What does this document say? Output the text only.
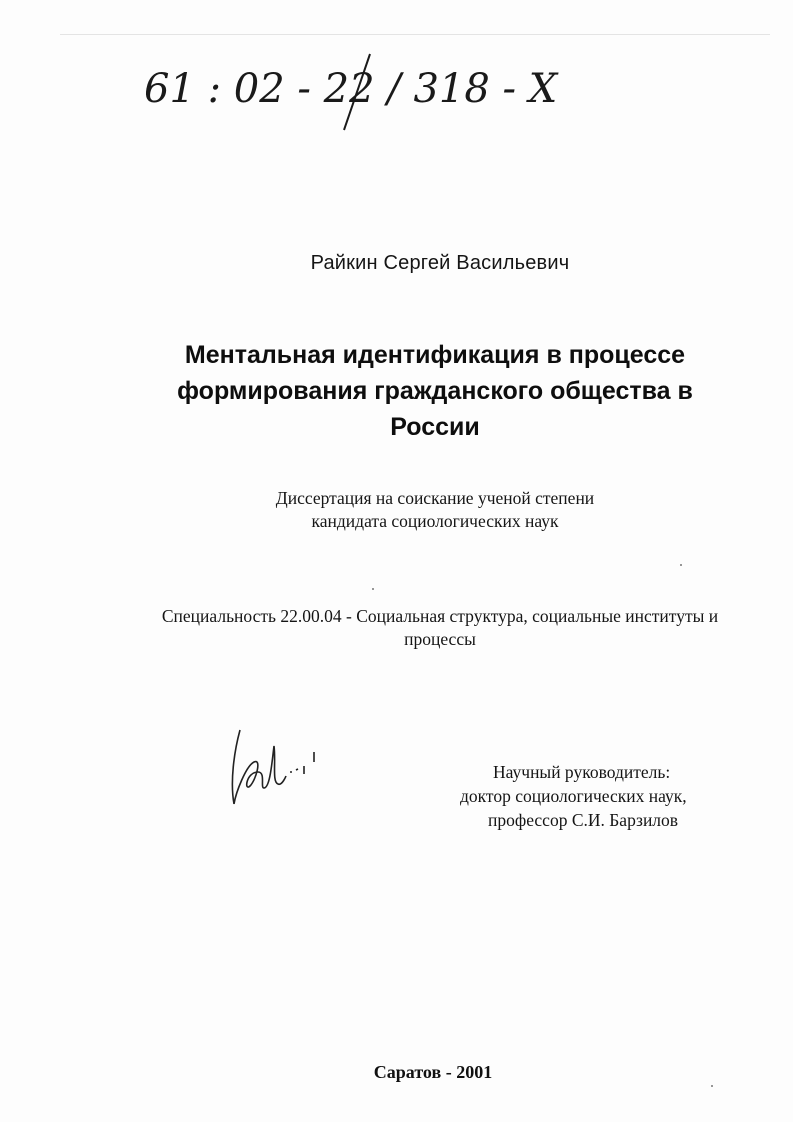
61 : 02 - 22 / 318 - X
Райкин Сергей Васильевич
Ментальная идентификация в процессе
формирования гражданского общества в
России
Диссертация на соискание ученой степени
кандидата социологических наук
Специальность 22.00.04 - Социальная структура, социальные институты и
процессы
Научный руководитель:
доктор социологических наук,
профессор С.И. Барзилов
Саратов - 2001
